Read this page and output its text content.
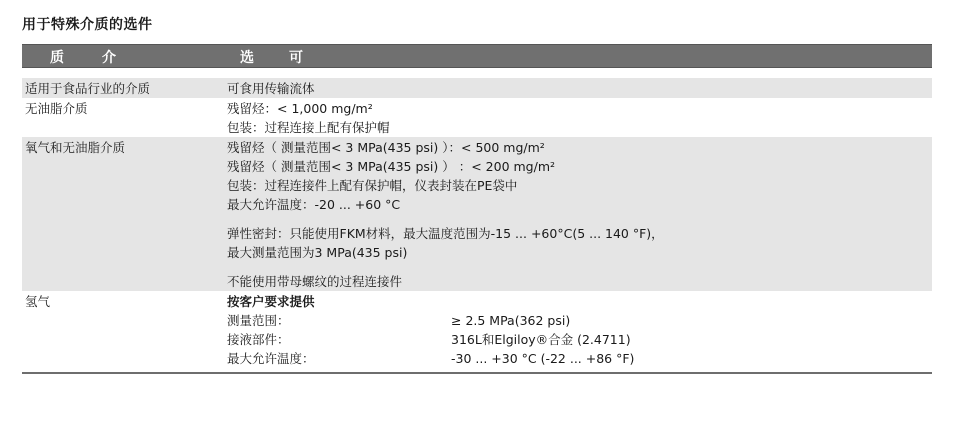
用于特殊介质的选件
质	介	选 可
适用于食品行业的介质	可食用传输流体
无油脂介质	残留烃：< 1,000 mg/m²
包装：过程连接上配有保护帽
氧气和无油脂介质	残留烃（ 测量范围< 3 MPa(435 psi) ）：< 500 mg/m²
残留烃（ 测量范围< 3 MPa(435 psi) ） ：< 200 mg/m²
包装：过程连接件上配有保护帽，仪表封装在PE袋中
最大允许温度：-20 ... +60 °C
弹性密封：只能使用FKM材料，最大温度范围为-15 ... +60°C(5 ... 140 °F)，
最大测量范围为3 MPa(435 psi)
不能使用带母螺纹的过程连接件
氢气	按客户要求提供
测量范围：	≥ 2.5 MPa(362 psi)
接液部件：	316L和Elgiloy®合金 (2.4711)
最大允许温度：	-30 ... +30 °C (-22 ... +86 °F)
